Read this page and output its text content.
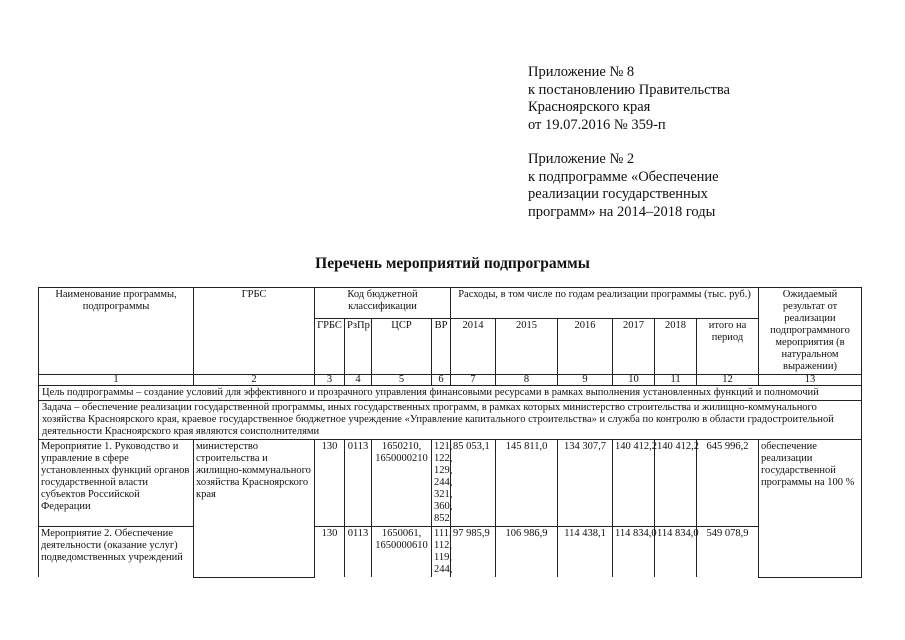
Приложение № 8
к постановлению Правительства
Красноярского края
от 19.07.2016 № 359-п
Приложение № 2
к подпрограмме «Обеспечение
реализации государственных
программ» на 2014–2018 годы
Перечень мероприятий подпрограммы
Наименование программы, подпрограммы	ГРБС	Код бюджетной классификации				Расходы, в том числе по годам реализации программы (тыс. руб.)						Ожидаемый результат от реализации подпрограммного мероприятия (в натуральном выражении)
		ГРБС	РзПр	ЦСР	ВР	2014	2015	2016	2017	2018	итого на период	
1	2	3	4	5	6	7	8	9	10	11	12	13
Цель подпрограммы – создание условий для эффективного и прозрачного управления финансовыми ресурсами в рамках выполнения установленных функций и полномочий												
Задача – обеспечение реализации государственной программы, иных государственных программ, в рамках которых министерство строительства и жилищно-коммунального хозяйства Красноярского края, краевое государственное бюджетное учреждение «Управление капитального строительства» и служба по контролю в области градостроительной деятельности Красноярского края являются соисполнителями												
Мероприятие 1. Руководство и управление в сфере установленных функций органов государственной власти субъектов Российской Федерации	министерство строительства и жилищно-коммунального хозяйства Красноярского края	130	0113	1650210, 1650000210	121, 122, 129, 244, 321, 360, 852	85 053,1	145 811,0	134 307,7	140 412,2	140 412,2	645 996,2	обеспечение реализации государственной программы на 100 %
Мероприятие 2. Обеспечение деятельности (оказание услуг) подведомственных учреждений		130	0113	1650061, 1650000610	111, 112, 119, 244,	97 985,9	106 986,9	114 438,1	114 834,0	114 834,0	549 078,9	
